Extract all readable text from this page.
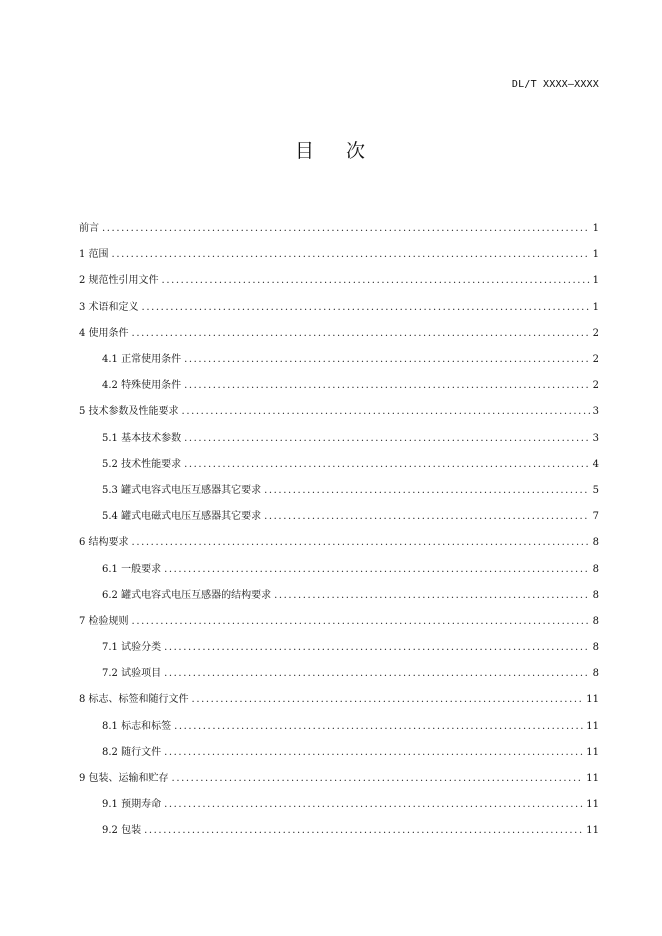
DL/T XXXX—XXXX
目 次
前言 .....	1
1 范围 .....	1
2 规范性引用文件 .....	1
3 术语和定义 .....	1
4 使用条件 .....	2
4.1 正常使用条件 .....	2
4.2 特殊使用条件 .....	2
5 技术参数及性能要求 .....	3
5.1 基本技术参数 .....	3
5.2 技术性能要求 .....	4
5.3 罐式电容式电压互感器其它要求 .....	5
5.4 罐式电磁式电压互感器其它要求 .....	7
6 结构要求 .....	8
6.1 一般要求 .....	8
6.2 罐式电容式电压互感器的结构要求 .....	8
7 检验规则 .....	8
7.1 试验分类 .....	8
7.2 试验项目 .....	8
8 标志、标签和随行文件 .....	11
8.1 标志和标签 .....	11
8.2 随行文件 .....	11
9 包装、运输和贮存 .....	11
9.1 预期寿命 .....	11
9.2 包装 .....	11
